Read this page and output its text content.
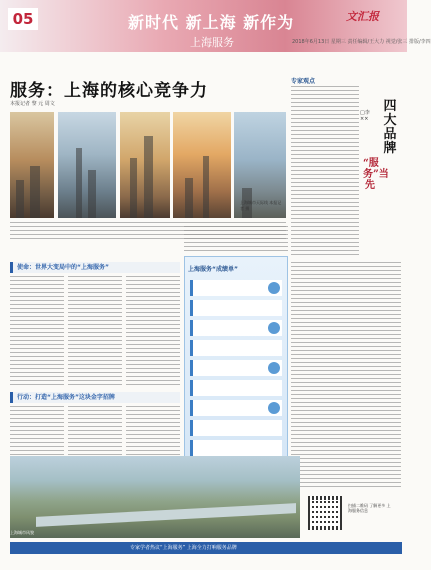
05	新时代 新上海 新作为
上海服务
文汇报
2018年6月13日 星期三 责任编辑/王大力 视觉/张三 排版/李四
服务：上海的核心竞争力
本报记者 黎 元 周文
上海城市天际线 本报记者 摄
使命：世界大变局中的“上海服务”
行动：打造“上海服务”这块金字招牌
上海服务“成绩单”
专家观点
四大品牌
“服务”当先
□李××
扫描二维码 了解更多 上海服务信息
上海城市风貌
专家学者热议“上海服务” 上海全力打响服务品牌
